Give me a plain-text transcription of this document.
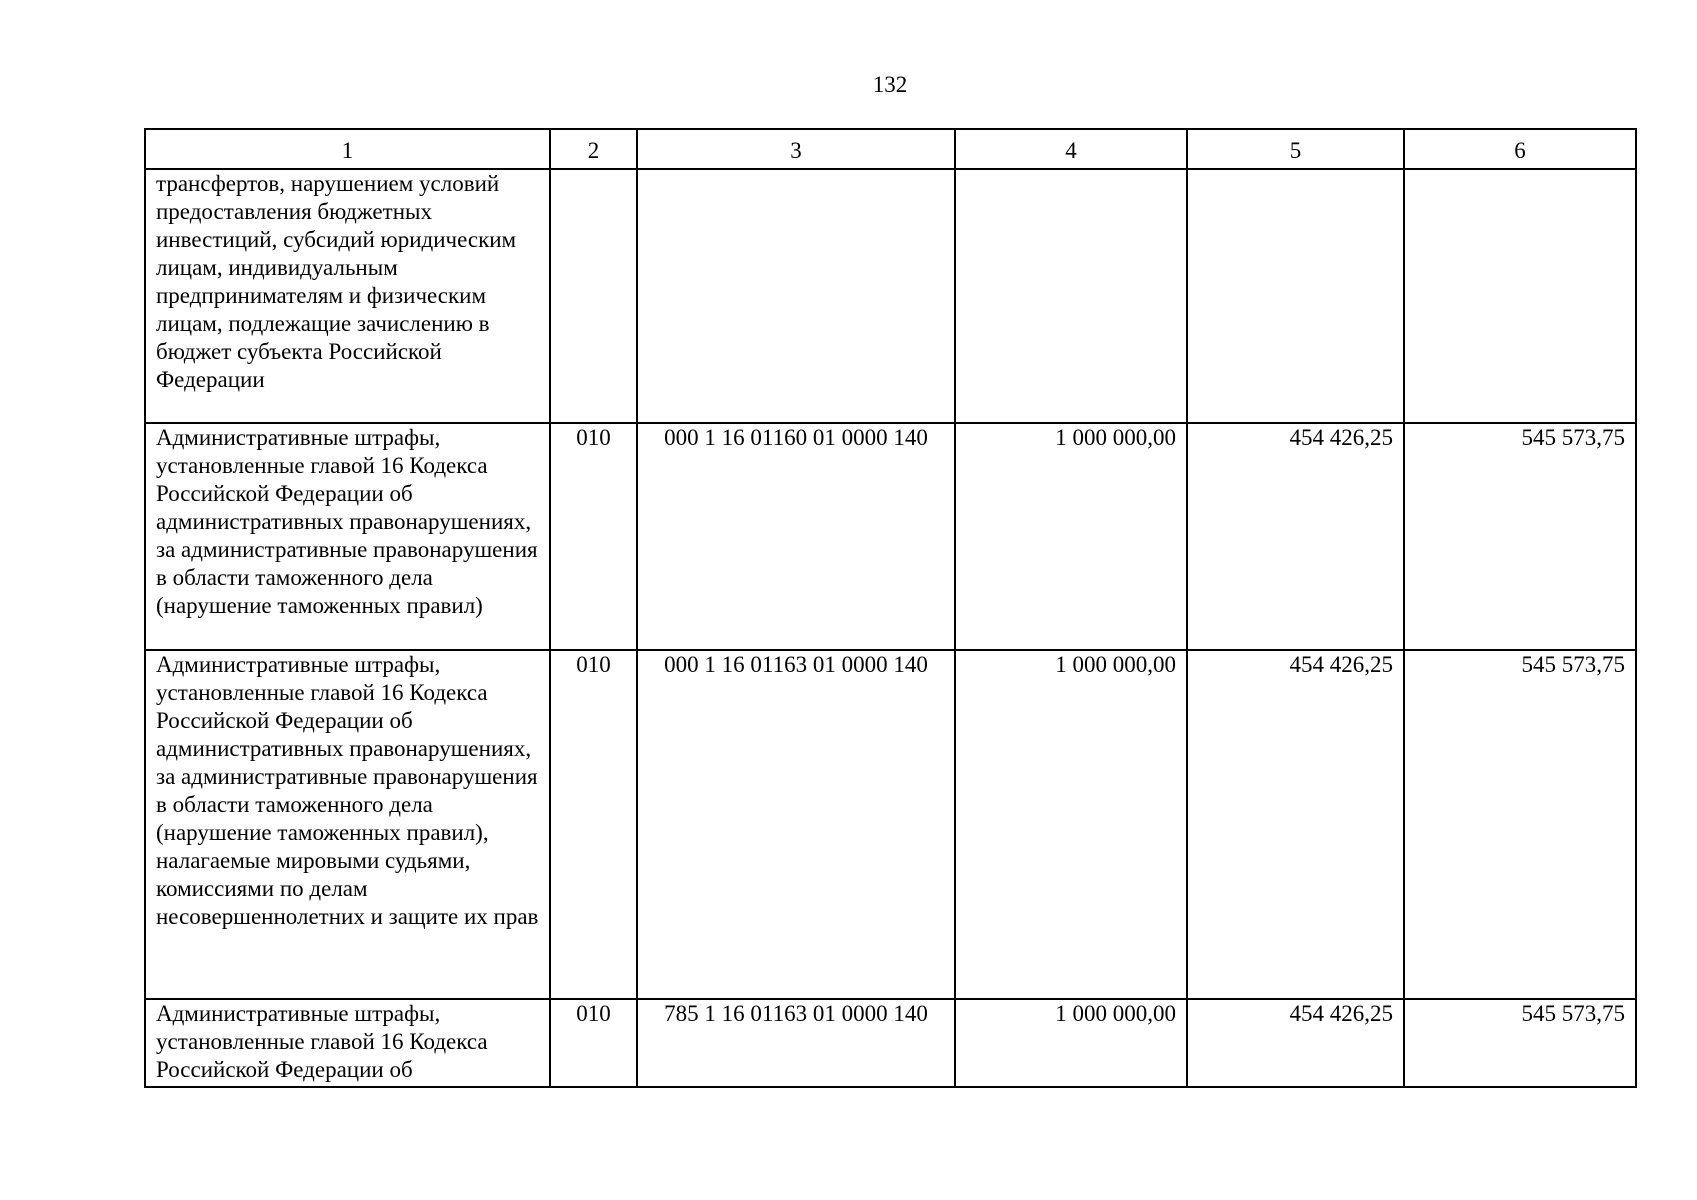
132
1	2	3	4	5	6
трансфертов, нарушением условий предоставления бюджетных инвестиций, субсидий юридическим лицам, индивидуальным предпринимателям и физическим лицам, подлежащие зачислению в бюджет субъекта Российской Федерации					
Административные штрафы, установленные главой 16 Кодекса Российской Федерации об административных правонарушениях, за административные правонарушения в области таможенного дела (нарушение таможенных правил)	010	000 1 16 01160 01 0000 140	1 000 000,00	454 426,25	545 573,75
Административные штрафы, установленные главой 16 Кодекса Российской Федерации об административных правонарушениях, за административные правонарушения в области таможенного дела (нарушение таможенных правил), налагаемые мировыми судьями, комиссиями по делам несовершеннолетних и защите их прав	010	000 1 16 01163 01 0000 140	1 000 000,00	454 426,25	545 573,75
Административные штрафы, установленные главой 16 Кодекса Российской Федерации об	010	785 1 16 01163 01 0000 140	1 000 000,00	454 426,25	545 573,75
